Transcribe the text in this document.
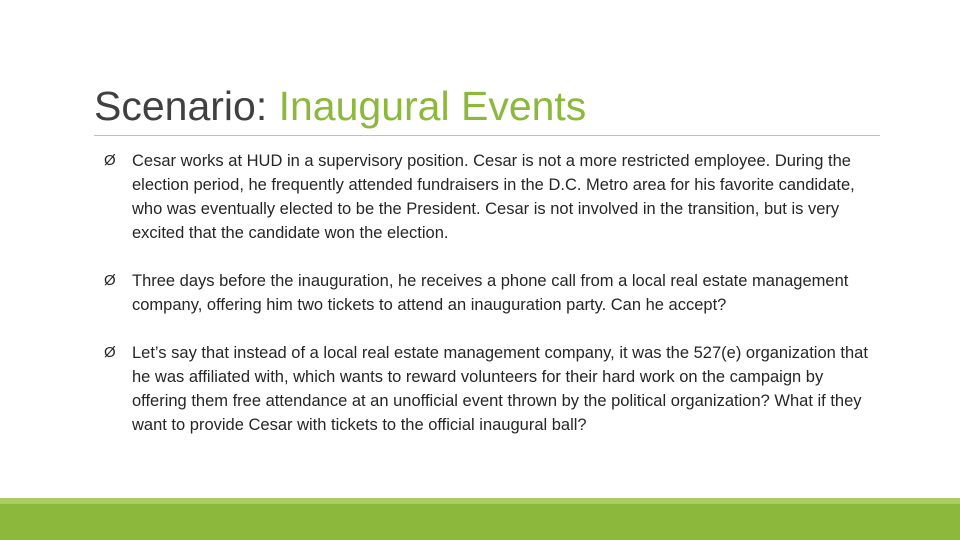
Scenario: Inaugural Events
Ø Cesar works at HUD in a supervisory position. Cesar is not a more restricted employee. During the election period, he frequently attended fundraisers in the D.C. Metro area for his favorite candidate, who was eventually elected to be the President. Cesar is not involved in the transition, but is very excited that the candidate won the election.
Ø Three days before the inauguration, he receives a phone call from a local real estate management company, offering him two tickets to attend an inauguration party. Can he accept?
Ø Let’s say that instead of a local real estate management company, it was the 527(e) organization that he was affiliated with, which wants to reward volunteers for their hard work on the campaign by offering them free attendance at an unofficial event thrown by the political organization? What if they want to provide Cesar with tickets to the official inaugural ball?
